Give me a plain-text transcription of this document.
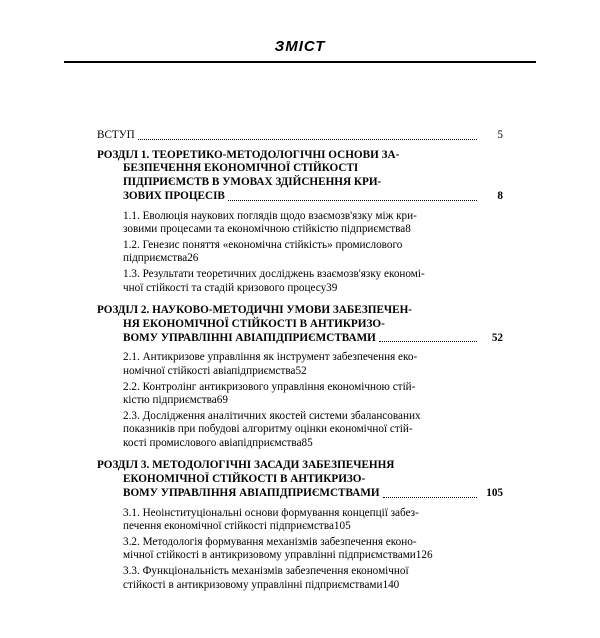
ЗМІСТ
ВСТУП	5
РОЗДІЛ 1. ТЕОРЕТИКО-МЕТОДОЛОГІЧНІ ОСНОВИ ЗА-
БЕЗПЕЧЕННЯ ЕКОНОМІЧНОЇ СТІЙКОСТІ
ПІДПРИЄМСТВ В УМОВАХ ЗДІЙСНЕННЯ КРИ-
ЗОВИХ ПРОЦЕСІВ	8
1.1. Еволюція наукових поглядів щодо взаємозв'язку між кри-
зовими процесами та економічною стійкістю підприємства 8
1.2. Генезис поняття «економічна стійкість» промислового
підприємства 26
1.3. Результати теоретичних досліджень взаємозв'язку економі-
чної стійкості та стадій кризового процесу 39
РОЗДІЛ 2. НАУКОВО-МЕТОДИЧНІ УМОВИ ЗАБЕЗПЕЧЕН-
НЯ ЕКОНОМІЧНОЇ СТІЙКОСТІ В АНТИКРИЗО-
ВОМУ УПРАВЛІННІ АВІАПІДПРИЄМСТВАМИ	52
2.1. Антикризове управління як інструмент забезпечення еко-
номічної стійкості авіапідприємства 52
2.2. Контролінг антикризового управління економічною стій-
кістю підприємства 69
2.3. Дослідження аналітичних якостей системи збалансованих
показників при побудові алгоритму оцінки економічної стій-
кості промислового авіапідприємства 85
РОЗДІЛ 3. МЕТОДОЛОГІЧНІ ЗАСАДИ ЗАБЕЗПЕЧЕННЯ
ЕКОНОМІЧНОЇ СТІЙКОСТІ В АНТИКРИЗО-
ВОМУ УПРАВЛІННЯ АВІАПІДПРИЄМСТВАМИ	105
3.1. Неоінституціональні основи формування концепції забез-
печення економічної стійкості підприємства 105
3.2. Методологія формування механізмів забезпечення еконо-
мічної стійкості в антикризовому управлінні підприємствами 126
3.3. Функціональність механізмів забезпечення економічної
стійкості в антикризовому управлінні підприємствами 140
